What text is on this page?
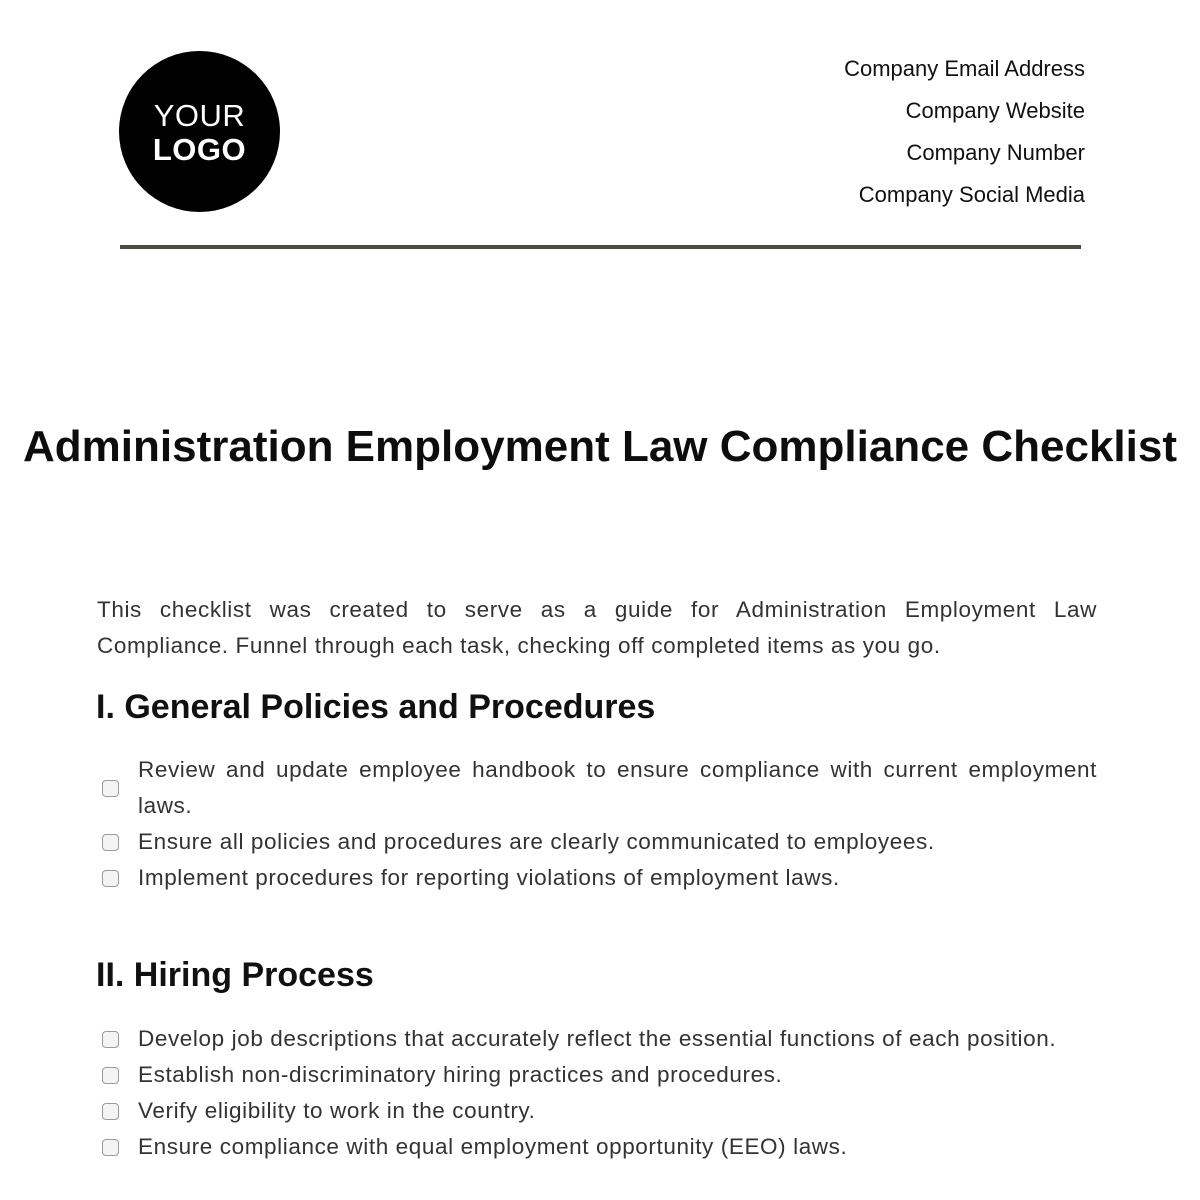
YOUR
LOGO
Company Email Address
Company Website
Company Number
Company Social Media
Administration Employment Law Compliance Checklist
This checklist was created to serve as a guide for Administration Employment Law Compliance. Funnel through each task, checking off completed items as you go.
I. General Policies and Procedures
Review and update employee handbook to ensure compliance with current employment laws.
Ensure all policies and procedures are clearly communicated to employees.
Implement procedures for reporting violations of employment laws.
II. Hiring Process
Develop job descriptions that accurately reflect the essential functions of each position.
Establish non-discriminatory hiring practices and procedures.
Verify eligibility to work in the country.
Ensure compliance with equal employment opportunity (EEO) laws.
